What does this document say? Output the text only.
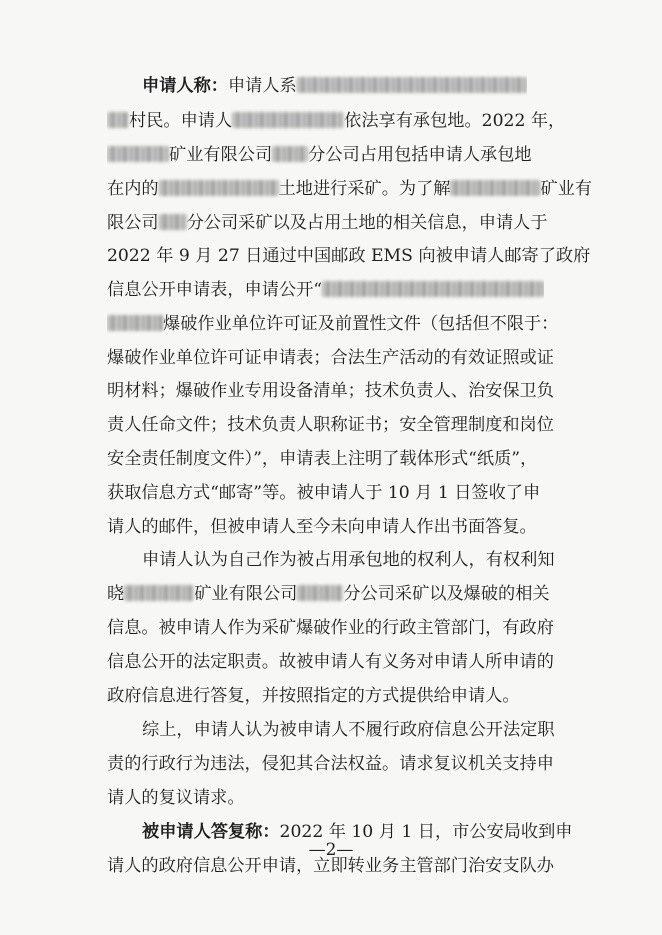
申请人称：申请人系
村民。申请人	依法享有承包地。2022 年，
矿业有限公司 分公司占用包括申请人承包地
在内的	土地进行采矿。为了解	矿业有
限公司 分公司采矿以及占用土地的相关信息，申请人于
2022 年 9 月 27 日通过中国邮政 EMS 向被申请人邮寄了政府
信息公开申请表，申请公开“
爆破作业单位许可证及前置性文件（包括但不限于：
爆破作业单位许可证申请表；合法生产活动的有效证照或证
明材料；爆破作业专用设备清单；技术负责人、治安保卫负
责人任命文件；技术负责人职称证书；安全管理制度和岗位
安全责任制度文件）”，申请表上注明了载体形式“纸质”，
获取信息方式“邮寄”等。被申请人于 10 月 1 日签收了申
请人的邮件，但被申请人至今未向申请人作出书面答复。
申请人认为自己作为被占用承包地的权利人，有权利知
晓	矿业有限公司	分公司采矿以及爆破的相关
信息。被申请人作为采矿爆破作业的行政主管部门，有政府
信息公开的法定职责。故被申请人有义务对申请人所申请的
政府信息进行答复，并按照指定的方式提供给申请人。
综上，申请人认为被申请人不履行政府信息公开法定职
责的行政行为违法，侵犯其合法权益。请求复议机关支持申
请人的复议请求。
被申请人答复称：2022 年 10 月 1 日，市公安局收到申
请人的政府信息公开申请，立即转业务主管部门治安支队办
—2—
